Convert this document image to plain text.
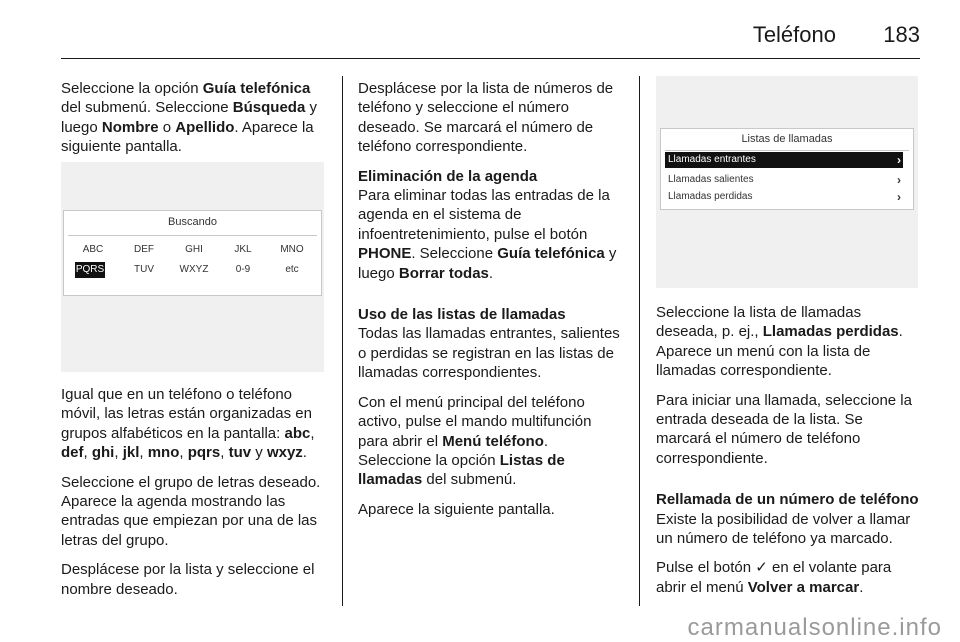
Teléfono 183

Seleccione la opción Guía telefónica del submenú. Seleccione Búsqueda y luego Nombre o Apellido. Aparece la siguiente pantalla.

Buscando
ABC	DEF	GHI	JKL	MNO
PQRS	TUV	WXYZ	0-9	etc

Igual que en un teléfono o teléfono móvil, las letras están organizadas en grupos alfabéticos en la pantalla: abc, def, ghi, jkl, mno, pqrs, tuv y wxyz.

Seleccione el grupo de letras deseado. Aparece la agenda mostrando las entradas que empiezan por una de las letras del grupo.

Desplácese por la lista y seleccione el nombre deseado.

Desplácese por la lista de números de teléfono y seleccione el número deseado. Se marcará el número de teléfono correspondiente.

Eliminación de la agenda

Para eliminar todas las entradas de la agenda en el sistema de infoentretenimiento, pulse el botón PHONE. Seleccione Guía telefónica y luego Borrar todas.

Uso de las listas de llamadas

Todas las llamadas entrantes, salientes o perdidas se registran en las listas de llamadas correspondientes.

Con el menú principal del teléfono activo, pulse el mando multifunción para abrir el Menú teléfono. Seleccione la opción Listas de llamadas del submenú.

Aparece la siguiente pantalla.

Listas de llamadas
Llamadas entrantes	›
Llamadas salientes	›
Llamadas perdidas	›

Seleccione la lista de llamadas deseada, p. ej., Llamadas perdidas. Aparece un menú con la lista de llamadas correspondiente.

Para iniciar una llamada, seleccione la entrada deseada de la lista. Se marcará el número de teléfono correspondiente.

Rellamada de un número de teléfono

Existe la posibilidad de volver a llamar un número de teléfono ya marcado.

Pulse el botón ✓ en el volante para abrir el menú Volver a marcar.

carmanualsonline.info
